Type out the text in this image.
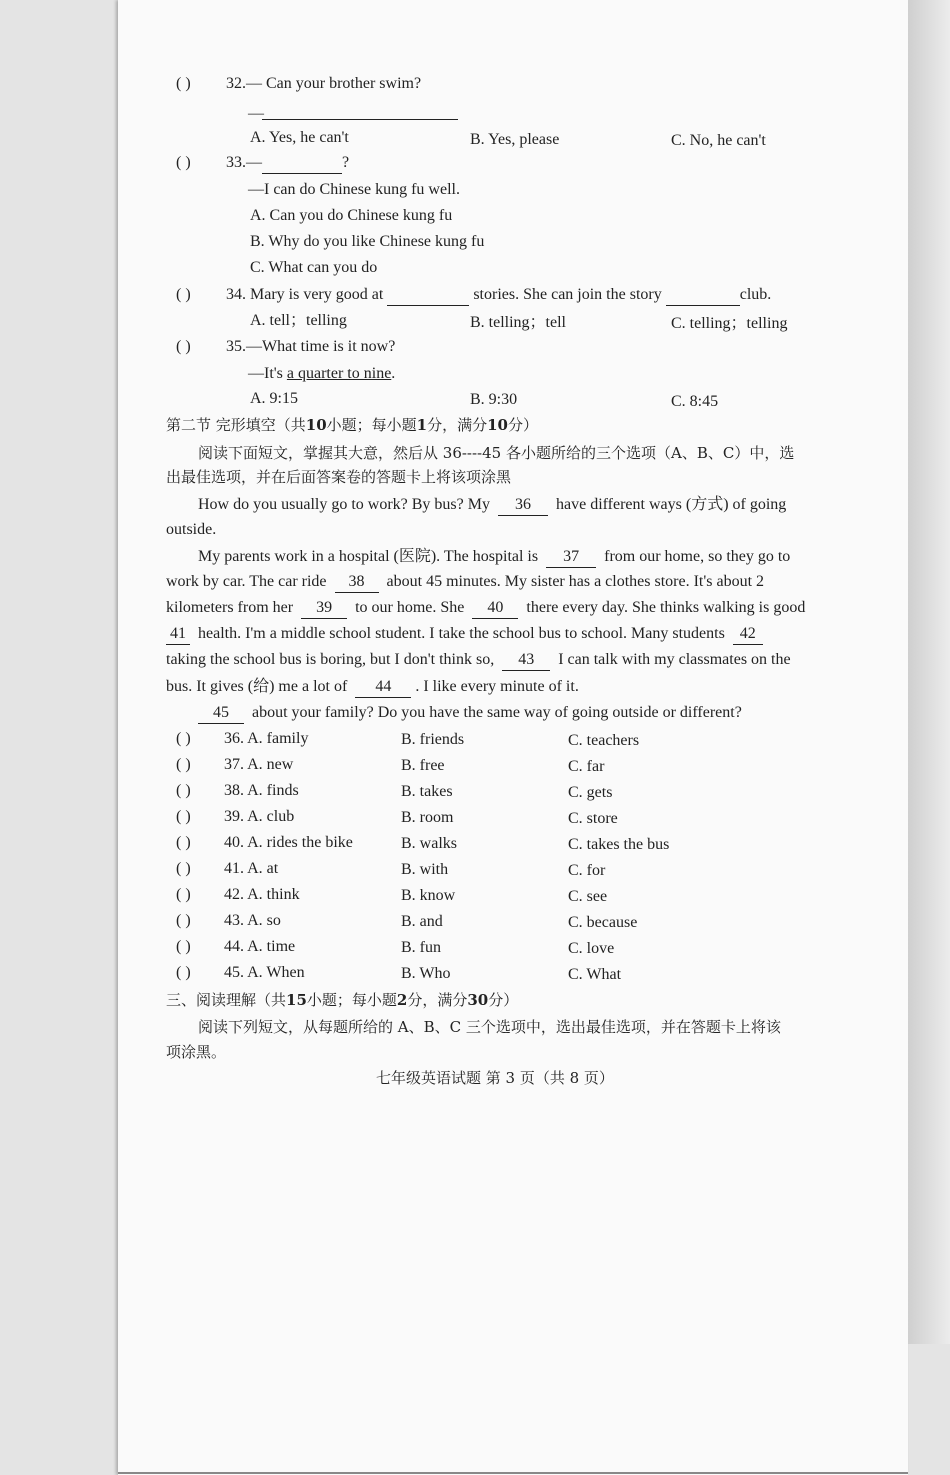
( ) 32.— Can your brother swim?
—
A. Yes, he can't	B. Yes, please	C. No, he can't
( ) 33.—	?
—I can do Chinese kung fu well.
A. Can you do Chinese kung fu
B. Why do you like Chinese kung fu
C. What can you do
( ) 34. Mary is very good at	stories. She can join the story	club.
A. tell；telling	B. telling；tell	C. telling；telling
( ) 35.—What time is it now?
—It's a quarter to nine.
A. 9:15	B. 9:30	C. 8:45
第二节 完形填空（共10小题；每小题1分，满分10分）
阅读下面短文，掌握其大意，然后从 36----45 各小题所给的三个选项（A、B、C）中，选
出最佳选项，并在后面答案卷的答题卡上将该项涂黑
How do you usually go to work? By bus? My 36 have different ways (方式) of going
outside.
My parents work in a hospital (医院). The hospital is 37 from our home, so they go to
work by car. The car ride 38 about 45 minutes. My sister has a clothes store. It's about 2
kilometers from her 39 to our home. She 40 there every day. She thinks walking is good
41 health. I'm a middle school student. I take the school bus to school. Many students 42
taking the school bus is boring, but I don't think so, 43 I can talk with my classmates on the
bus. It gives (给) me a lot of 44 . I like every minute of it.
45 about your family? Do you have the same way of going outside or different?
( ) 36. A. family	B. friends	C. teachers
( ) 37. A. new	B. free	C. far
( ) 38. A. finds	B. takes	C. gets
( ) 39. A. club	B. room	C. store
( ) 40. A. rides the bike	B. walks	C. takes the bus
( ) 41. A. at	B. with	C. for
( ) 42. A. think	B. know	C. see
( ) 43. A. so	B. and	C. because
( ) 44. A. time	B. fun	C. love
( ) 45. A. When	B. Who	C. What
三、阅读理解（共15小题；每小题2分，满分30分）
阅读下列短文，从每题所给的 A、B、C 三个选项中，选出最佳选项，并在答题卡上将该
项涂黑。
七年级英语试题 第 3 页（共 8 页）
